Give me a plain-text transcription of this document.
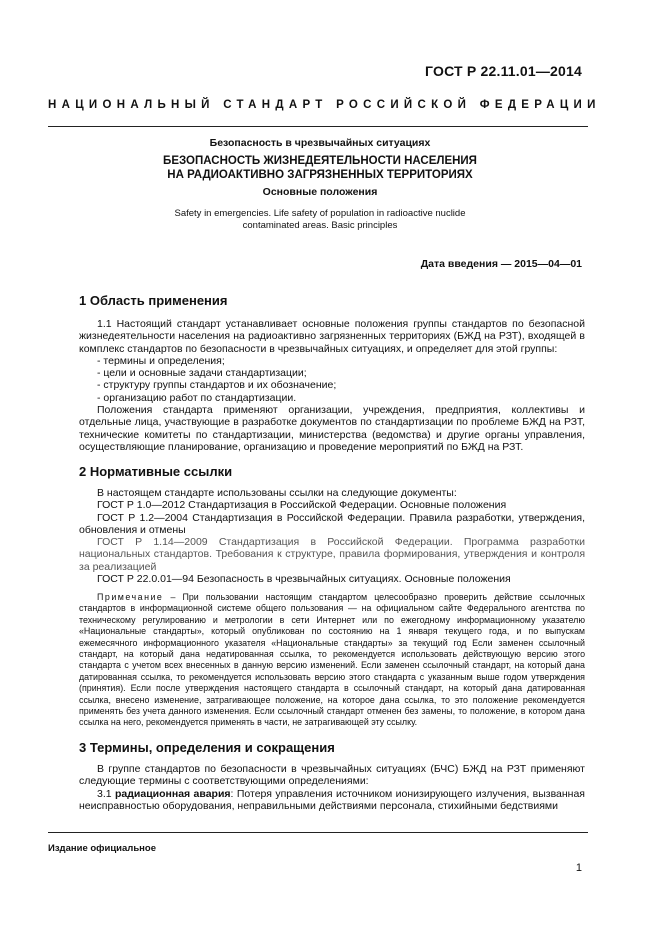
ГОСТ Р 22.11.01—2014
НАЦИОНАЛЬНЫЙ СТАНДАРТ РОССИЙСКОЙ ФЕДЕРАЦИИ
Безопасность в чрезвычайных ситуациях
БЕЗОПАСНОСТЬ ЖИЗНЕДЕЯТЕЛЬНОСТИ НАСЕЛЕНИЯ
НА РАДИОАКТИВНО ЗАГРЯЗНЕННЫХ ТЕРРИТОРИЯХ
Основные положения
Safety in emergencies. Life safety of population in radioactive nuclide
contaminated areas. Basic principles
Дата введения — 2015—04—01
1 Область применения

1.1 Настоящий стандарт устанавливает основные положения группы стандартов по безопасной жизнедеятельности населения на радиоактивно загрязненных территориях (БЖД на РЗТ), входящей в комплекс стандартов по безопасности в чрезвычайных ситуациях, и определяет для этой группы:

- термины и определения;

- цели и основные задачи стандартизации;

- структуру группы стандартов и их обозначение;

- организацию работ по стандартизации.

Положения стандарта применяют организации, учреждения, предприятия, коллективы и отдельные лица, участвующие в разработке документов по стандартизации по проблеме БЖД на РЗТ, технические комитеты по стандартизации, министерства (ведомства) и другие органы управления, осуществляющие планирование, организацию и проведение мероприятий по БЖД на РЗТ.

2 Нормативные ссылки

В настоящем стандарте использованы ссылки на следующие документы:

ГОСТ Р 1.0—2012 Стандартизация в Российской Федерации. Основные положения

ГОСТ Р 1.2—2004 Стандартизация в Российской Федерации. Правила разработки, утверждения, обновления и отмены

ГОСТ Р 1.14—2009 Стандартизация в Российской Федерации. Программа разработки национальных стандартов. Требования к структуре, правила формирования, утверждения и контроля за реализацией

ГОСТ Р 22.0.01—94 Безопасность в чрезвычайных ситуациях. Основные положения

Примечание – При пользовании настоящим стандартом целесообразно проверить действие ссылочных стандартов в информационной системе общего пользования — на официальном сайте Федерального агентства по техническому регулированию и метрологии в сети Интернет или по ежегодному информационному указателю «Национальные стандарты», который опубликован по состоянию на 1 января текущего года, и по выпускам ежемесячного информационного указателя «Национальные стандарты» за текущий год Если заменен ссылочный стандарт, на который дана недатированная ссылка, то рекомендуется использовать действующую версию этого стандарта с учетом всех внесенных в данную версию изменений. Если заменен ссылочный стандарт, на который дана датированная ссылка, то рекомендуется использовать версию этого стандарта с указанным выше годом утверждения (принятия). Если после утверждения настоящего стандарта в ссылочный стандарт, на который дана датированная ссылка, внесено изменение, затрагивающее положение, на которое дана ссылка, то это положение рекомендуется применять без учета данного изменения. Если ссылочный стандарт отменен без замены, то положение, в котором дана ссылка на него, рекомендуется применять в части, не затрагивающей эту ссылку.

3 Термины, определения и сокращения

В группе стандартов по безопасности в чрезвычайных ситуациях (БЧС) БЖД на РЗТ применяют следующие термины с соответствующими определениями:

3.1 радиационная авария: Потеря управления источником ионизирующего излучения, вызванная неисправностью оборудования, неправильными действиями персонала, стихийными бедствиями

Издание официальное
1
